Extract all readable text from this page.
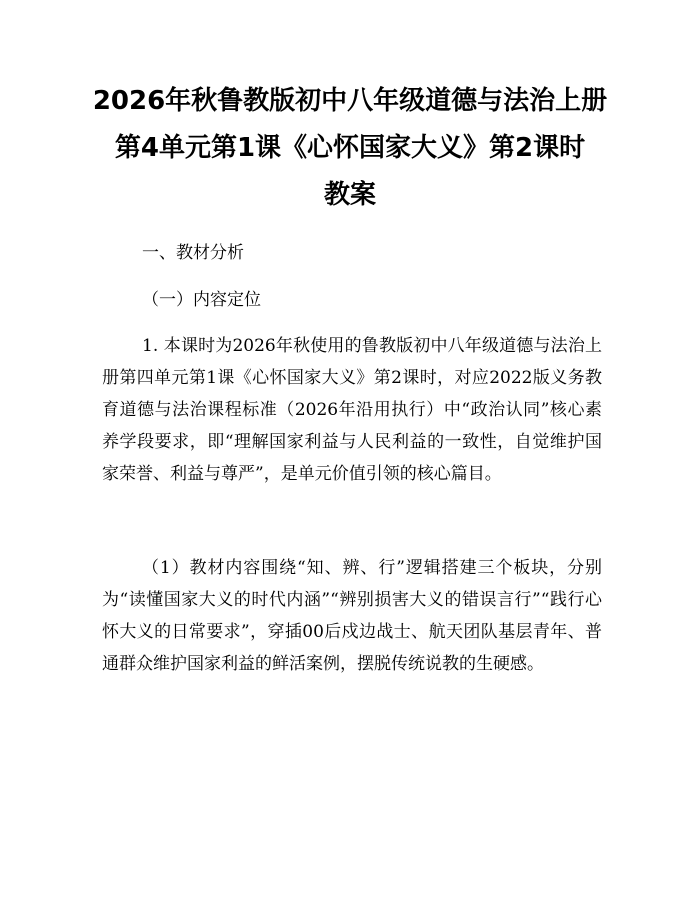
2026年秋鲁教版初中八年级道德与法治上册
第4单元第1课《心怀国家大义》第2课时
教案

一、教材分析

（一）内容定位

1. 本课时为2026年秋使用的鲁教版初中八年级道德与法治上册第四单元第1课《心怀国家大义》第2课时，对应2022版义务教育道德与法治课程标准（2026年沿用执行）中“政治认同”核心素养学段要求，即“理解国家利益与人民利益的一致性，自觉维护国家荣誉、利益与尊严”，是单元价值引领的核心篇目。

（1）教材内容围绕“知、辨、行”逻辑搭建三个板块，分别为“读懂国家大义的时代内涵”“辨别损害大义的错误言行”“践行心怀大义的日常要求”，穿插00后戍边战士、航天团队基层青年、普通群众维护国家利益的鲜活案例，摆脱传统说教的生硬感。
